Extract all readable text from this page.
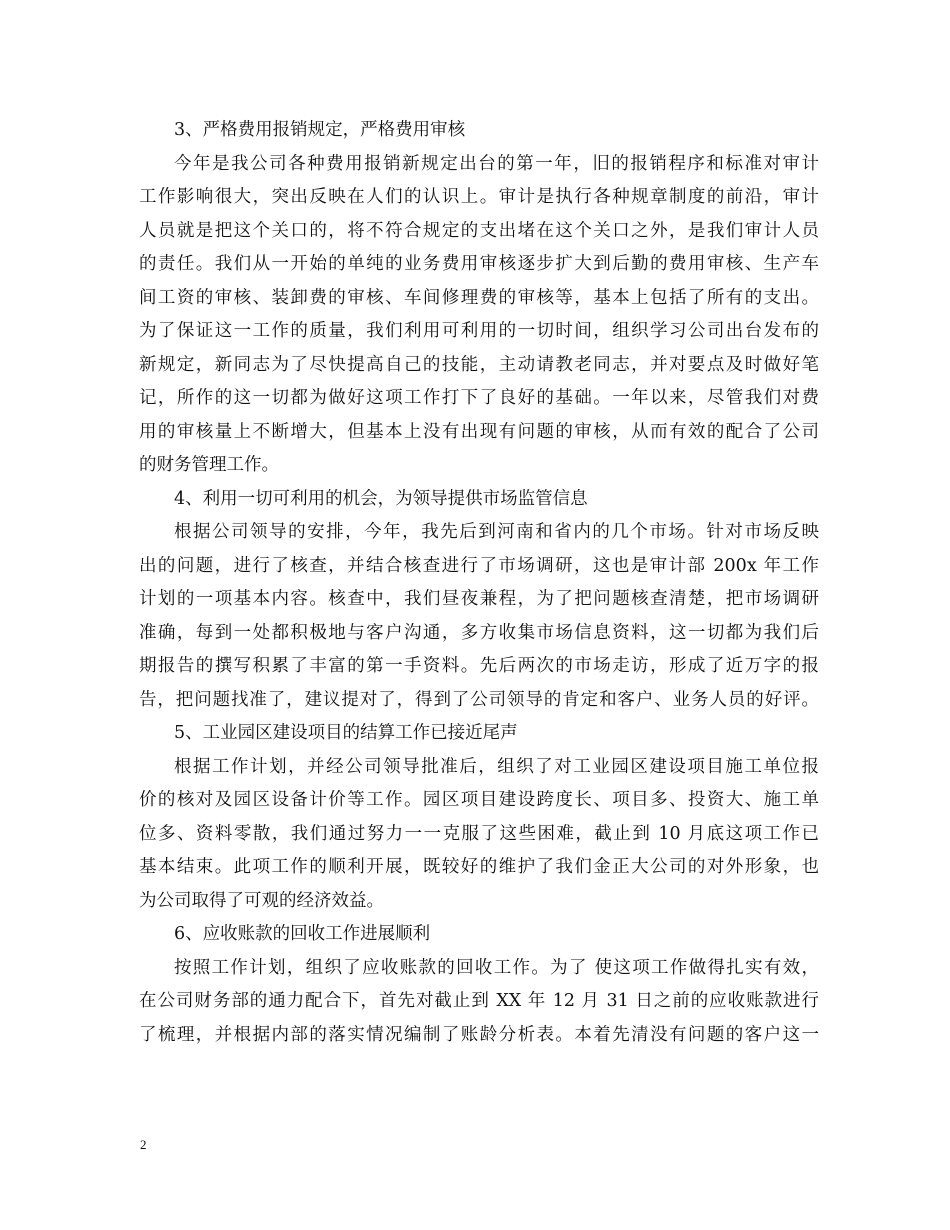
3、严格费用报销规定，严格费用审核
今年是我公司各种费用报销新规定出台的第一年，旧的报销程序和标准对审计
工作影响很大，突出反映在人们的认识上。审计是执行各种规章制度的前沿，审计
人员就是把这个关口的，将不符合规定的支出堵在这个关口之外，是我们审计人员
的责任。我们从一开始的单纯的业务费用审核逐步扩大到后勤的费用审核、生产车
间工资的审核、装卸费的审核、车间修理费的审核等，基本上包括了所有的支出。
为了保证这一工作的质量，我们利用可利用的一切时间，组织学习公司出台发布的
新规定，新同志为了尽快提高自己的技能，主动请教老同志，并对要点及时做好笔
记，所作的这一切都为做好这项工作打下了良好的基础。一年以来，尽管我们对费
用的审核量上不断增大，但基本上没有出现有问题的审核，从而有效的配合了公司
的财务管理工作。
4、利用一切可利用的机会，为领导提供市场监管信息
根据公司领导的安排，今年，我先后到河南和省内的几个市场。针对市场反映
出的问题，进行了核查，并结合核查进行了市场调研，这也是审计部 200x 年工作
计划的一项基本内容。核查中，我们昼夜兼程，为了把问题核查清楚，把市场调研
准确，每到一处都积极地与客户沟通，多方收集市场信息资料，这一切都为我们后
期报告的撰写积累了丰富的第一手资料。先后两次的市场走访，形成了近万字的报
告，把问题找准了，建议提对了，得到了公司领导的肯定和客户、业务人员的好评。
5、工业园区建设项目的结算工作已接近尾声
根据工作计划，并经公司领导批准后，组织了对工业园区建设项目施工单位报
价的核对及园区设备计价等工作。园区项目建设跨度长、项目多、投资大、施工单
位多、资料零散，我们通过努力一一克服了这些困难，截止到 10 月底这项工作已
基本结束。此项工作的顺利开展，既较好的维护了我们金正大公司的对外形象，也
为公司取得了可观的经济效益。
6、应收账款的回收工作进展顺利
按照工作计划，组织了应收账款的回收工作。为了 使这项工作做得扎实有效，
在公司财务部的通力配合下，首先对截止到 XX 年 12 月 31 日之前的应收账款进行
了梳理，并根据内部的落实情况编制了账龄分析表。本着先清没有问题的客户这一
2
